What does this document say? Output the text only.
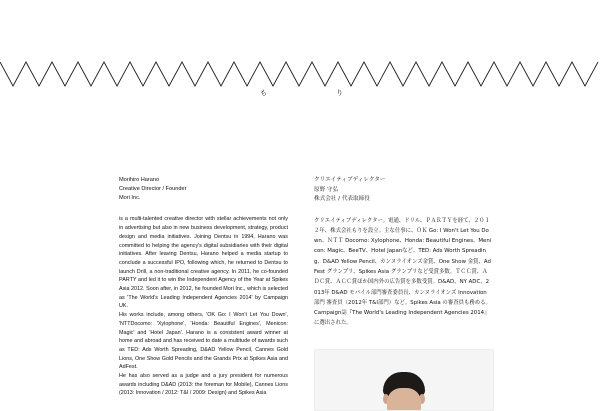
も	り
Morihiro Harano
Creative Director / Founder
Mori Inc.

is a multi-talented creative director with stellar achievements not only in advertising but also in new business development, strategy, product design and media initiatives. Joining Dentsu in 1994, Harano was committed to helping the agency's digital subsidiaries with their digital initiatives. After leaving Dentsu, Harano helped a media startup to conclude a successful IPO, following which, he returned to Dentsu to launch Drill, a non-traditional creative agency. In 2011, he co-founded PARTY and led it to win the Independent Agency of the Year at Spikes Asia 2012. Soon after, in 2012, he founded Mori Inc., which is selected as 'The World's Leading Independent Agencies 2014' by Campaign UK.

His works include, among others, 'OK Go: I Won't Let You Down', 'NTTDocomo: 'Xylophone', 'Honda: Beautiful Engines', Menicon: Magic' and 'Hotel Japan'. Harano is a consistent award winner at home and abroad and has received to date a multitude of awards such as TED: Ads Worth Spreading, D&AD Yellow Pencil, Cannes Gold Lions, One Show Gold Pencils and the Grands Prix at Spikes Asia and AdFest.

He has also served as a judge and a jury president for numerous awards including D&AD (2013: the foreman for Mobile), Cannes Lions (2013: Innovation / 2012: T&I / 2009: Design) and Spikes Asia

クリエイティブディレクター
原野 守弘
株式会社 / 代表取締役

クリエイティブディレクター。電通、ドリル、ＰＡＲＴＹを経て、２０１２年、株式会社もりを設立。主な仕事に、ＯＫ Go: I Won't Let You Down、ＮＴＴ Docomo: Xylophone、Honda: Beautiful Engines、Menicon: Magic、BeeTV、Hotel Japanなど。TED: Ads Worth Spreading、D&AD Yellow Pencil、カンヌライオンズ金賞、One Show 金賞、AdFest グランプリ、Spikes Asia グランプリなど受賞多数。ＴＣＣ賞、ＡＤＣ賞、ＡＣＣ賞ほか国内外の広告賞を多数受賞。D&AD、NY ADC、2013年 D&AD モバイル部門審査委員長、カンヌライオンズ Innovation部門 審査員（2012年 T&I部門）など。Spikes Asia の審査員も務める。Campaign誌『The World's Leading Independent Agencies 2014』に選出された。
